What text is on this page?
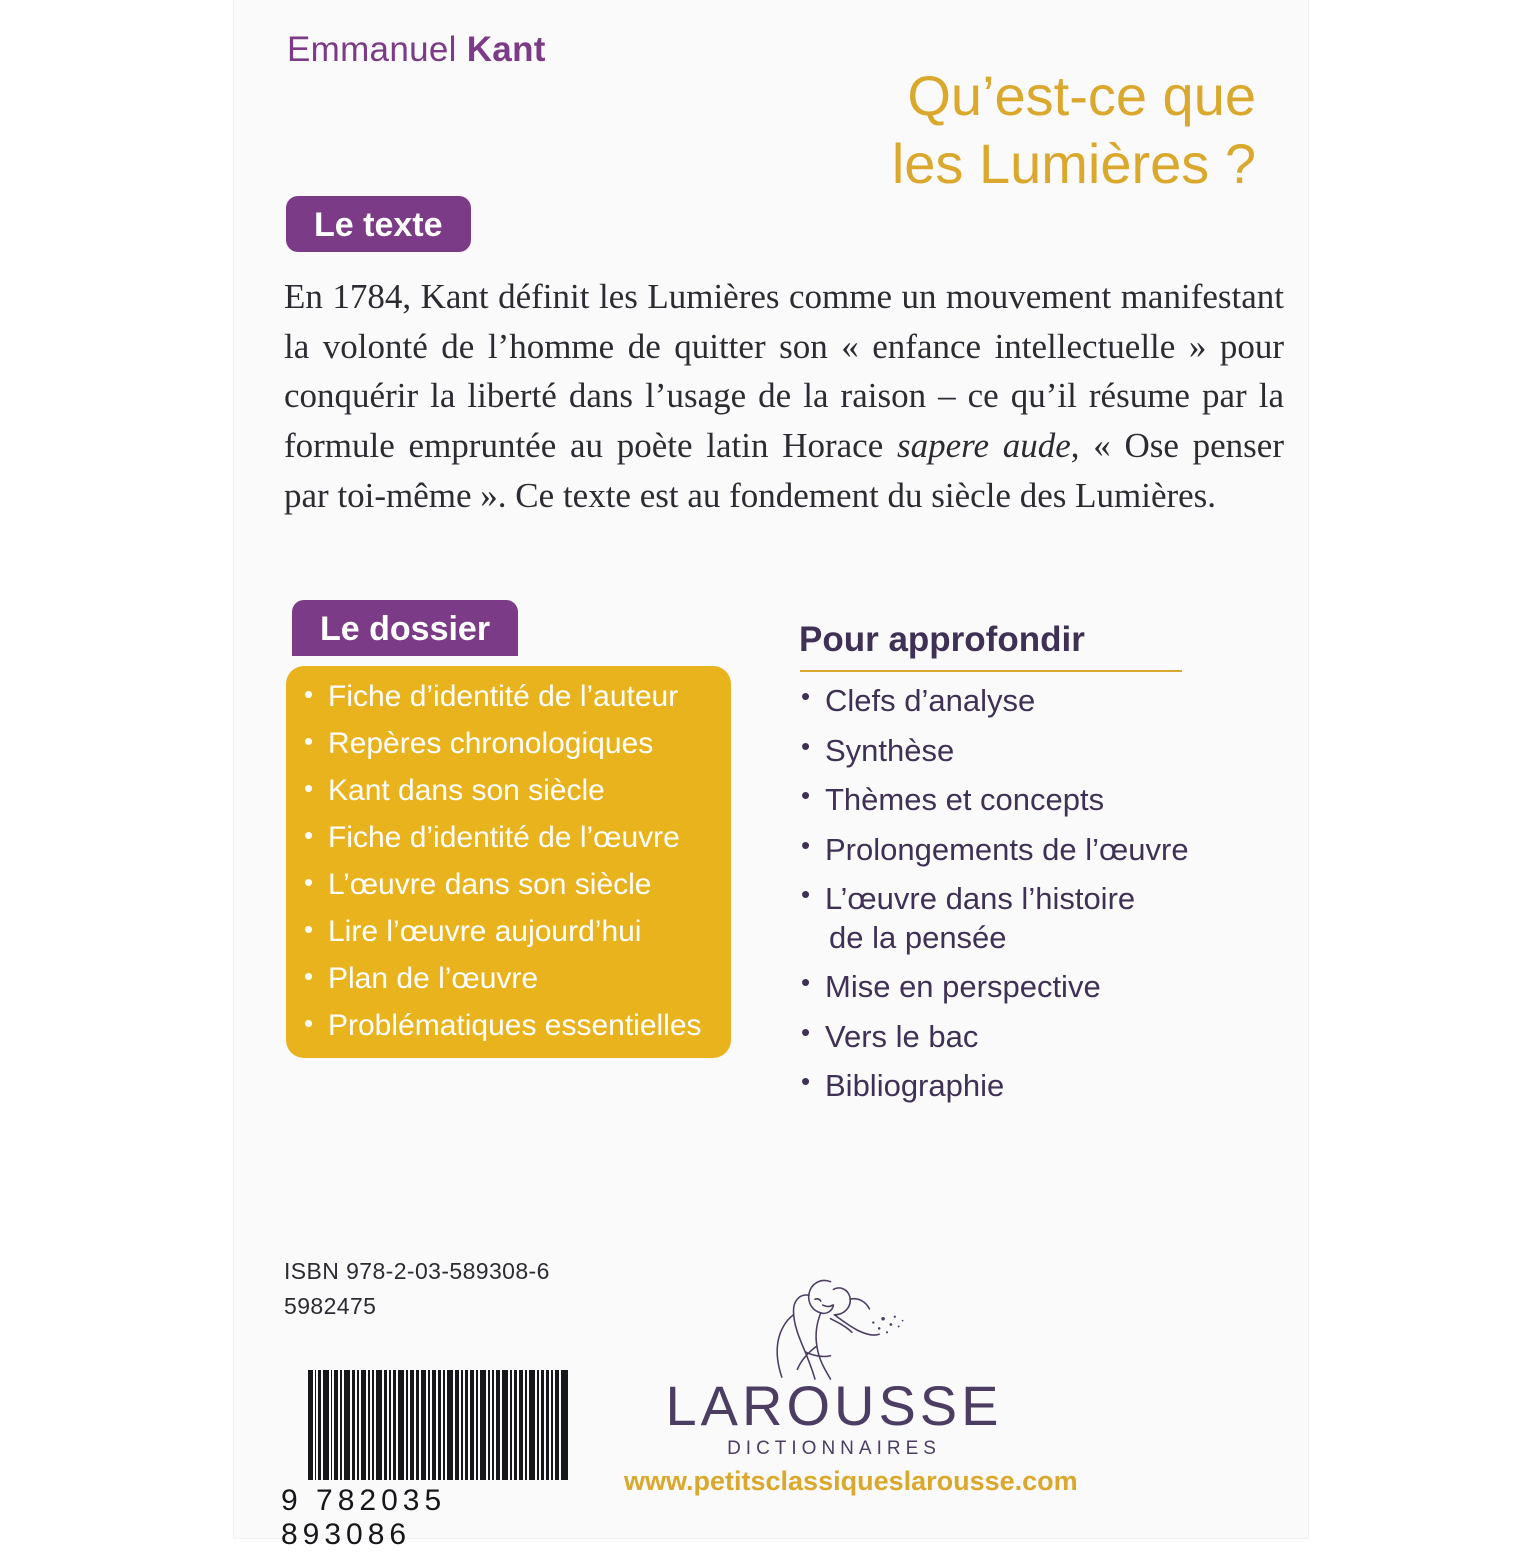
Emmanuel Kant
Qu’est-ce que
les Lumières ?
Le texte
En 1784, Kant définit les Lumières comme un mouvement manifestant la volonté de l’homme de quitter son « enfance intellectuelle » pour conquérir la liberté dans l’usage de la raison – ce qu’il résume par la formule empruntée au poète latin Horace sapere aude, « Ose penser par toi-même ». Ce texte est au fondement du siècle des Lumières.
Le dossier
• Fiche d’identité de l’auteur
• Repères chronologiques
• Kant dans son siècle
• Fiche d’identité de l’œuvre
• L’œuvre dans son siècle
• Lire l’œuvre aujourd’hui
• Plan de l’œuvre
• Problématiques essentielles
Pour approfondir
• Clefs d’analyse
• Synthèse
• Thèmes et concepts
• Prolongements de l’œuvre
• L’œuvre dans l’histoire
de la pensée
• Mise en perspective
• Vers le bac
• Bibliographie
ISBN 978-2-03-589308-6
5982475
9 782035 893086
LAROUSSE
DICTIONNAIRES
www.petitsclassiqueslarousse.com
